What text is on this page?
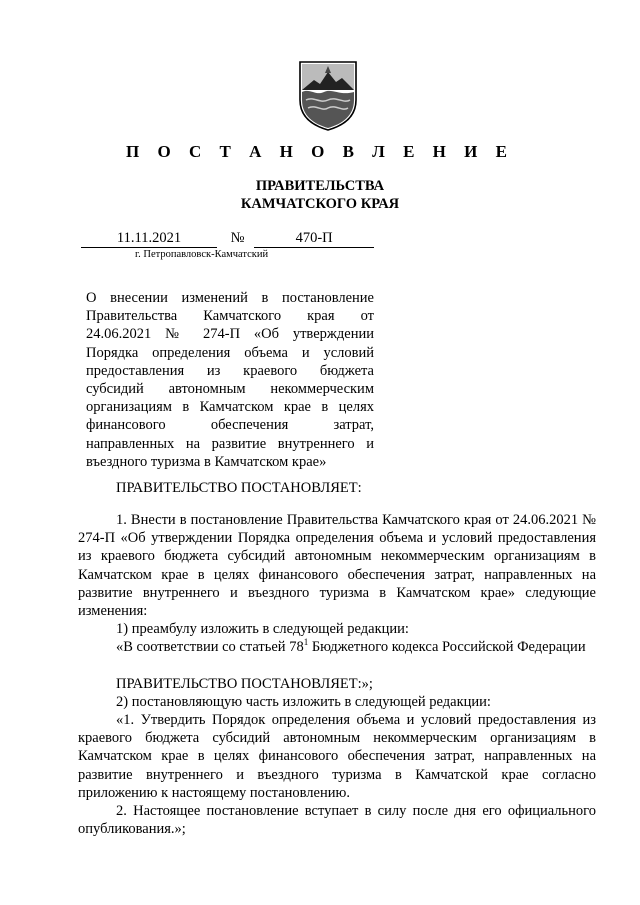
П О С Т А Н О В Л Е Н И Е
ПРАВИТЕЛЬСТВА
КАМЧАТСКОГО КРАЯ
11.11.2021	№	470-П
г. Петропавловск-Камчатский
О внесении изменений в постановление Правительства Камчатского края от 24.06.2021 № 274-П «Об утверждении Порядка определения объема и условий предоставления из краевого бюджета субсидий автономным некоммерческим организациям в Камчатском крае в целях финансового обеспечения затрат, направленных на развитие внутреннего и въездного туризма в Камчатском крае»
ПРАВИТЕЛЬСТВО ПОСТАНОВЛЯЕТ:

1. Внести в постановление Правительства Камчатского края от 24.06.2021 № 274-П «Об утверждении Порядка определения объема и условий предоставления из краевого бюджета субсидий автономным некоммерческим организациям в Камчатском крае в целях финансового обеспечения затрат, направленных на развитие внутреннего и въездного туризма в Камчатском крае» следующие изменения:

1) преамбулу изложить в следующей редакции:

«В соответствии со статьей $78^1$ Бюджетного кодекса Российской Федерации

ПРАВИТЕЛЬСТВО ПОСТАНОВЛЯЕТ:»;

2) постановляющую часть изложить в следующей редакции:

«1. Утвердить Порядок определения объема и условий предоставления из краевого бюджета субсидий автономным некоммерческим организациям в Камчатском крае в целях финансового обеспечения затрат, направленных на развитие внутреннего и въездного туризма в Камчатской крае согласно приложению к настоящему постановлению.

2. Настоящее постановление вступает в силу после дня его официального опубликования.»;
